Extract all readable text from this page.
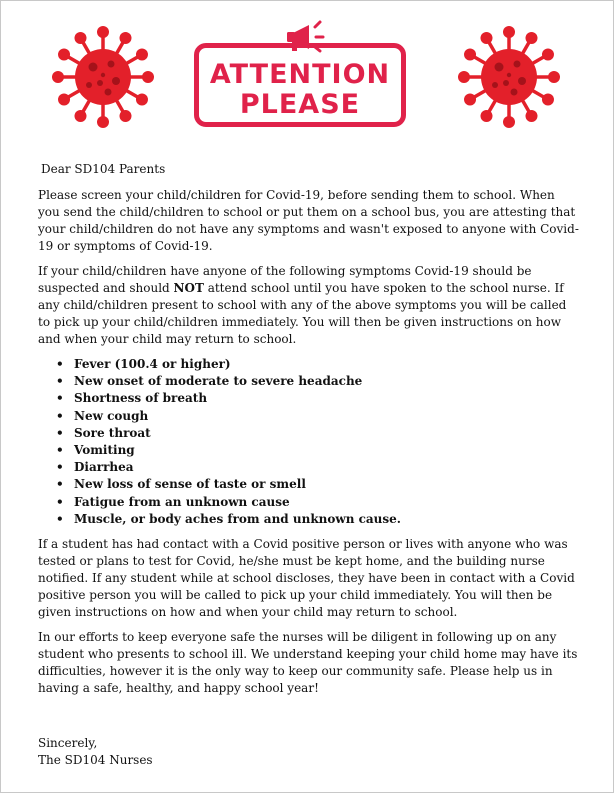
ATTENTION
PLEASE

Dear SD104 Parents

Please screen your child/children for Covid-19, before sending them to school. When you send the child/children to school or put them on a school bus, you are attesting that your child/children do not have any symptoms and wasn't exposed to anyone with Covid-19 or symptoms of Covid-19.

If your child/children have anyone of the following symptoms Covid-19 should be suspected and should NOT attend school until you have spoken to the school nurse. If any child/children present to school with any of the above symptoms you will be called to pick up your child/children immediately. You will then be given instructions on how and when your child may return to school.

• Fever (100.4 or higher)
• New onset of moderate to severe headache
• Shortness of breath
• New cough
• Sore throat
• Vomiting
• Diarrhea
• New loss of sense of taste or smell
• Fatigue from an unknown cause
• Muscle, or body aches from and unknown cause.

If a student has had contact with a Covid positive person or lives with anyone who was tested or plans to test for Covid, he/she must be kept home, and the building nurse notified. If any student while at school discloses, they have been in contact with a Covid positive person you will be called to pick up your child immediately. You will then be given instructions on how and when your child may return to school.

In our efforts to keep everyone safe the nurses will be diligent in following up on any student who presents to school ill. We understand keeping your child home may have its difficulties, however it is the only way to keep our community safe. Please help us in having a safe, healthy, and happy school year!

Sincerely,
The SD104 Nurses
